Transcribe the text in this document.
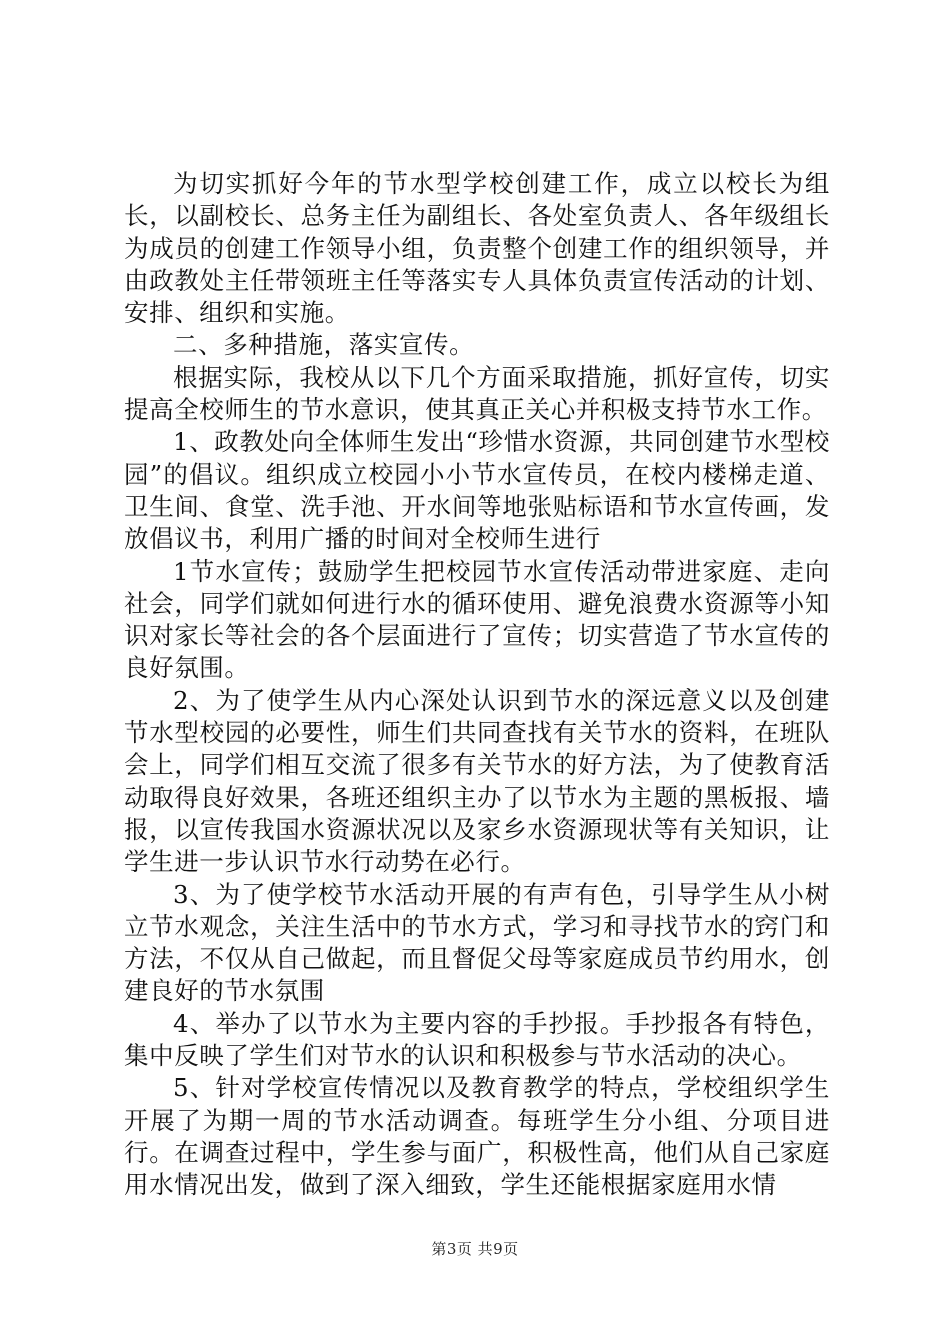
为切实抓好今年的节水型学校创建工作，成立以校长为组长，以副校长、总务主任为副组长、各处室负责人、各年级组长为成员的创建工作领导小组，负责整个创建工作的组织领导，并由政教处主任带领班主任等落实专人具体负责宣传活动的计划、安排、组织和实施。

二、多种措施，落实宣传。

根据实际，我校从以下几个方面采取措施，抓好宣传，切实提高全校师生的节水意识，使其真正关心并积极支持节水工作。

1、政教处向全体师生发出“珍惜水资源，共同创建节水型校园”的倡议。组织成立校园小小节水宣传员，在校内楼梯走道、卫生间、食堂、洗手池、开水间等地张贴标语和节水宣传画，发放倡议书，利用广播的时间对全校师生进行

1节水宣传；鼓励学生把校园节水宣传活动带进家庭、走向社会，同学们就如何进行水的循环使用、避免浪费水资源等小知识对家长等社会的各个层面进行了宣传；切实营造了节水宣传的良好氛围。

2、为了使学生从内心深处认识到节水的深远意义以及创建节水型校园的必要性，师生们共同查找有关节水的资料，在班队会上，同学们相互交流了很多有关节水的好方法，为了使教育活动取得良好效果，各班还组织主办了以节水为主题的黑板报、墙报，以宣传我国水资源状况以及家乡水资源现状等有关知识，让学生进一步认识节水行动势在必行。

3、为了使学校节水活动开展的有声有色，引导学生从小树立节水观念，关注生活中的节水方式，学习和寻找节水的窍门和方法，不仅从自己做起，而且督促父母等家庭成员节约用水，创建良好的节水氛围

4、举办了以节水为主要内容的手抄报。手抄报各有特色，集中反映了学生们对节水的认识和积极参与节水活动的决心。

5、针对学校宣传情况以及教育教学的特点，学校组织学生开展了为期一周的节水活动调查。每班学生分小组、分项目进行。在调查过程中，学生参与面广，积极性高，他们从自己家庭用水情况出发，做到了深入细致，学生还能根据家庭用水情

第3页 共9页
